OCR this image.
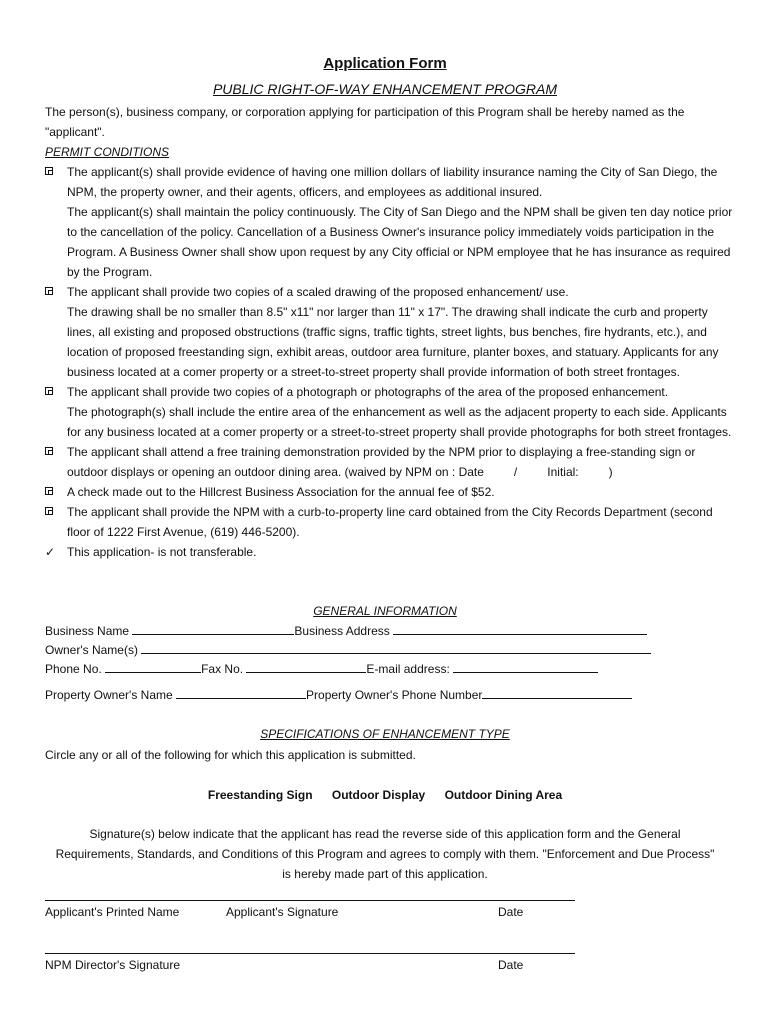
Application Form
PUBLIC RIGHT-OF-WAY ENHANCEMENT PROGRAM
The person(s), business company, or corporation applying for participation of this Program shall be hereby named as the "applicant".
PERMIT CONDITIONS
The applicant(s) shall provide evidence of having one million dollars of liability insurance naming the City of San Diego, the NPM, the property owner, and their agents, officers, and employees as additional insured.
The applicant(s) shall maintain the policy continuously. The City of San Diego and the NPM shall be given ten day notice prior to the cancellation of the policy. Cancellation of a Business Owner's insurance policy immediately voids participation in the Program. A Business Owner shall show upon request by any City official or NPM employee that he has insurance as required by the Program.
The applicant shall provide two copies of a scaled drawing of the proposed enhancement/ use.
The drawing shall be no smaller than 8.5" x11" nor larger than 11" x 17". The drawing shall indicate the curb and property lines, all existing and proposed obstructions (traffic signs, traffic tights, street lights, bus benches, fire hydrants, etc.), and location of proposed freestanding sign, exhibit areas, outdoor area furniture, planter boxes, and statuary. Applicants for any business located at a comer property or a street-to-street property shall provide information of both street frontages.
The applicant shall provide two copies of a photograph or photographs of the area of the proposed enhancement.
The photograph(s) shall include the entire area of the enhancement as well as the adjacent property to each side. Applicants for any business located at a comer property or a street-to-street property shall provide photographs for both street frontages.
The applicant shall attend a free training demonstration provided by the NPM prior to displaying a free-standing sign or outdoor displays or opening an outdoor dining area. (waived by NPM on : Date	/	Initial:	)
A check made out to the Hillcrest Business Association for the annual fee of $52.
The applicant shall provide the NPM with a curb-to-property line card obtained from the City Records Department (second floor of 1222 First Avenue, (619) 446-5200).
✓ This application- is not transferable.
GENERAL INFORMATION
Business Name	Business Address
Owner's Name(s)
Phone No.	Fax No.	E-mail address:
Property Owner's Name	Property Owner's Phone Number
SPECIFICATIONS OF ENHANCEMENT TYPE
Circle any or all of the following for which this application is submitted.
Freestanding Sign Outdoor Display Outdoor Dining Area
Signature(s) below indicate that the applicant has read the reverse side of this application form and the General Requirements, Standards, and Conditions of this Program and agrees to comply with them. "Enforcement and Due Process" is hereby made part of this application.
Applicant's Printed Name	Applicant's Signature	Date
NPM Director's Signature	Date
